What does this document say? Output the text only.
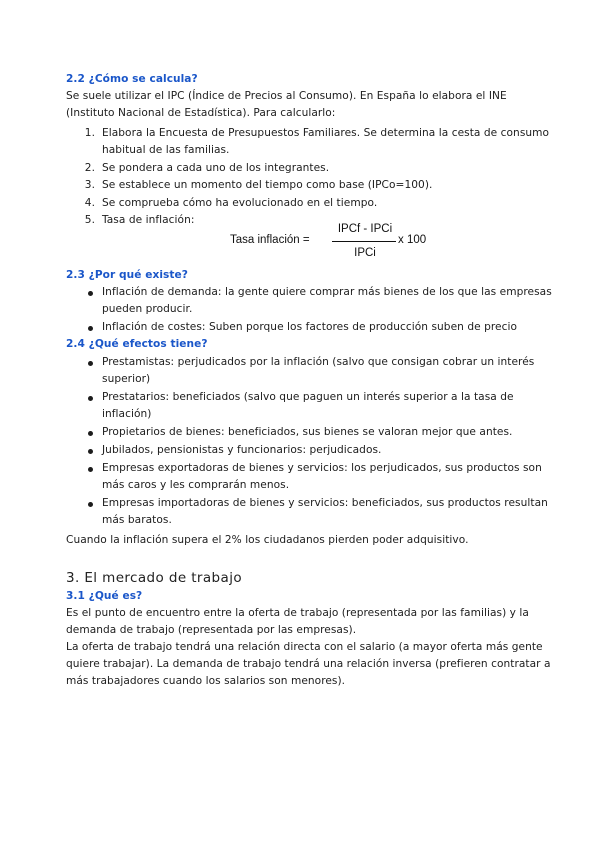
2.2 ¿Cómo se calcula?
Se suele utilizar el IPC (Índice de Precios al Consumo). En España lo elabora el INE
(Instituto Nacional de Estadística). Para calcularlo:
1. Elabora la Encuesta de Presupuestos Familiares. Se determina la cesta de consumo
habitual de las familias.
2. Se pondera a cada uno de los integrantes.
3. Se establece un momento del tiempo como base (IPCo=100).
4. Se comprueba cómo ha evolucionado en el tiempo.
5. Tasa de inflación:
Tasa inflación =
IPCf - IPCi
IPCi
x 100
2.3 ¿Por qué existe?
Inflación de demanda: la gente quiere comprar más bienes de los que las empresas
pueden producir.
Inflación de costes: Suben porque los factores de producción suben de precio
2.4 ¿Qué efectos tiene?
Prestamistas: perjudicados por la inflación (salvo que consigan cobrar un interés
superior)
Prestatarios: beneficiados (salvo que paguen un interés superior a la tasa de
inflación)
Propietarios de bienes: beneficiados, sus bienes se valoran mejor que antes.
Jubilados, pensionistas y funcionarios: perjudicados.
Empresas exportadoras de bienes y servicios: los perjudicados, sus productos son
más caros y les comprarán menos.
Empresas importadoras de bienes y servicios: beneficiados, sus productos resultan
más baratos.
Cuando la inflación supera el 2% los ciudadanos pierden poder adquisitivo.
3. El mercado de trabajo
3.1 ¿Qué es?
Es el punto de encuentro entre la oferta de trabajo (representada por las familias) y la
demanda de trabajo (representada por las empresas).
La oferta de trabajo tendrá una relación directa con el salario (a mayor oferta más gente
quiere trabajar). La demanda de trabajo tendrá una relación inversa (prefieren contratar a
más trabajadores cuando los salarios son menores).
